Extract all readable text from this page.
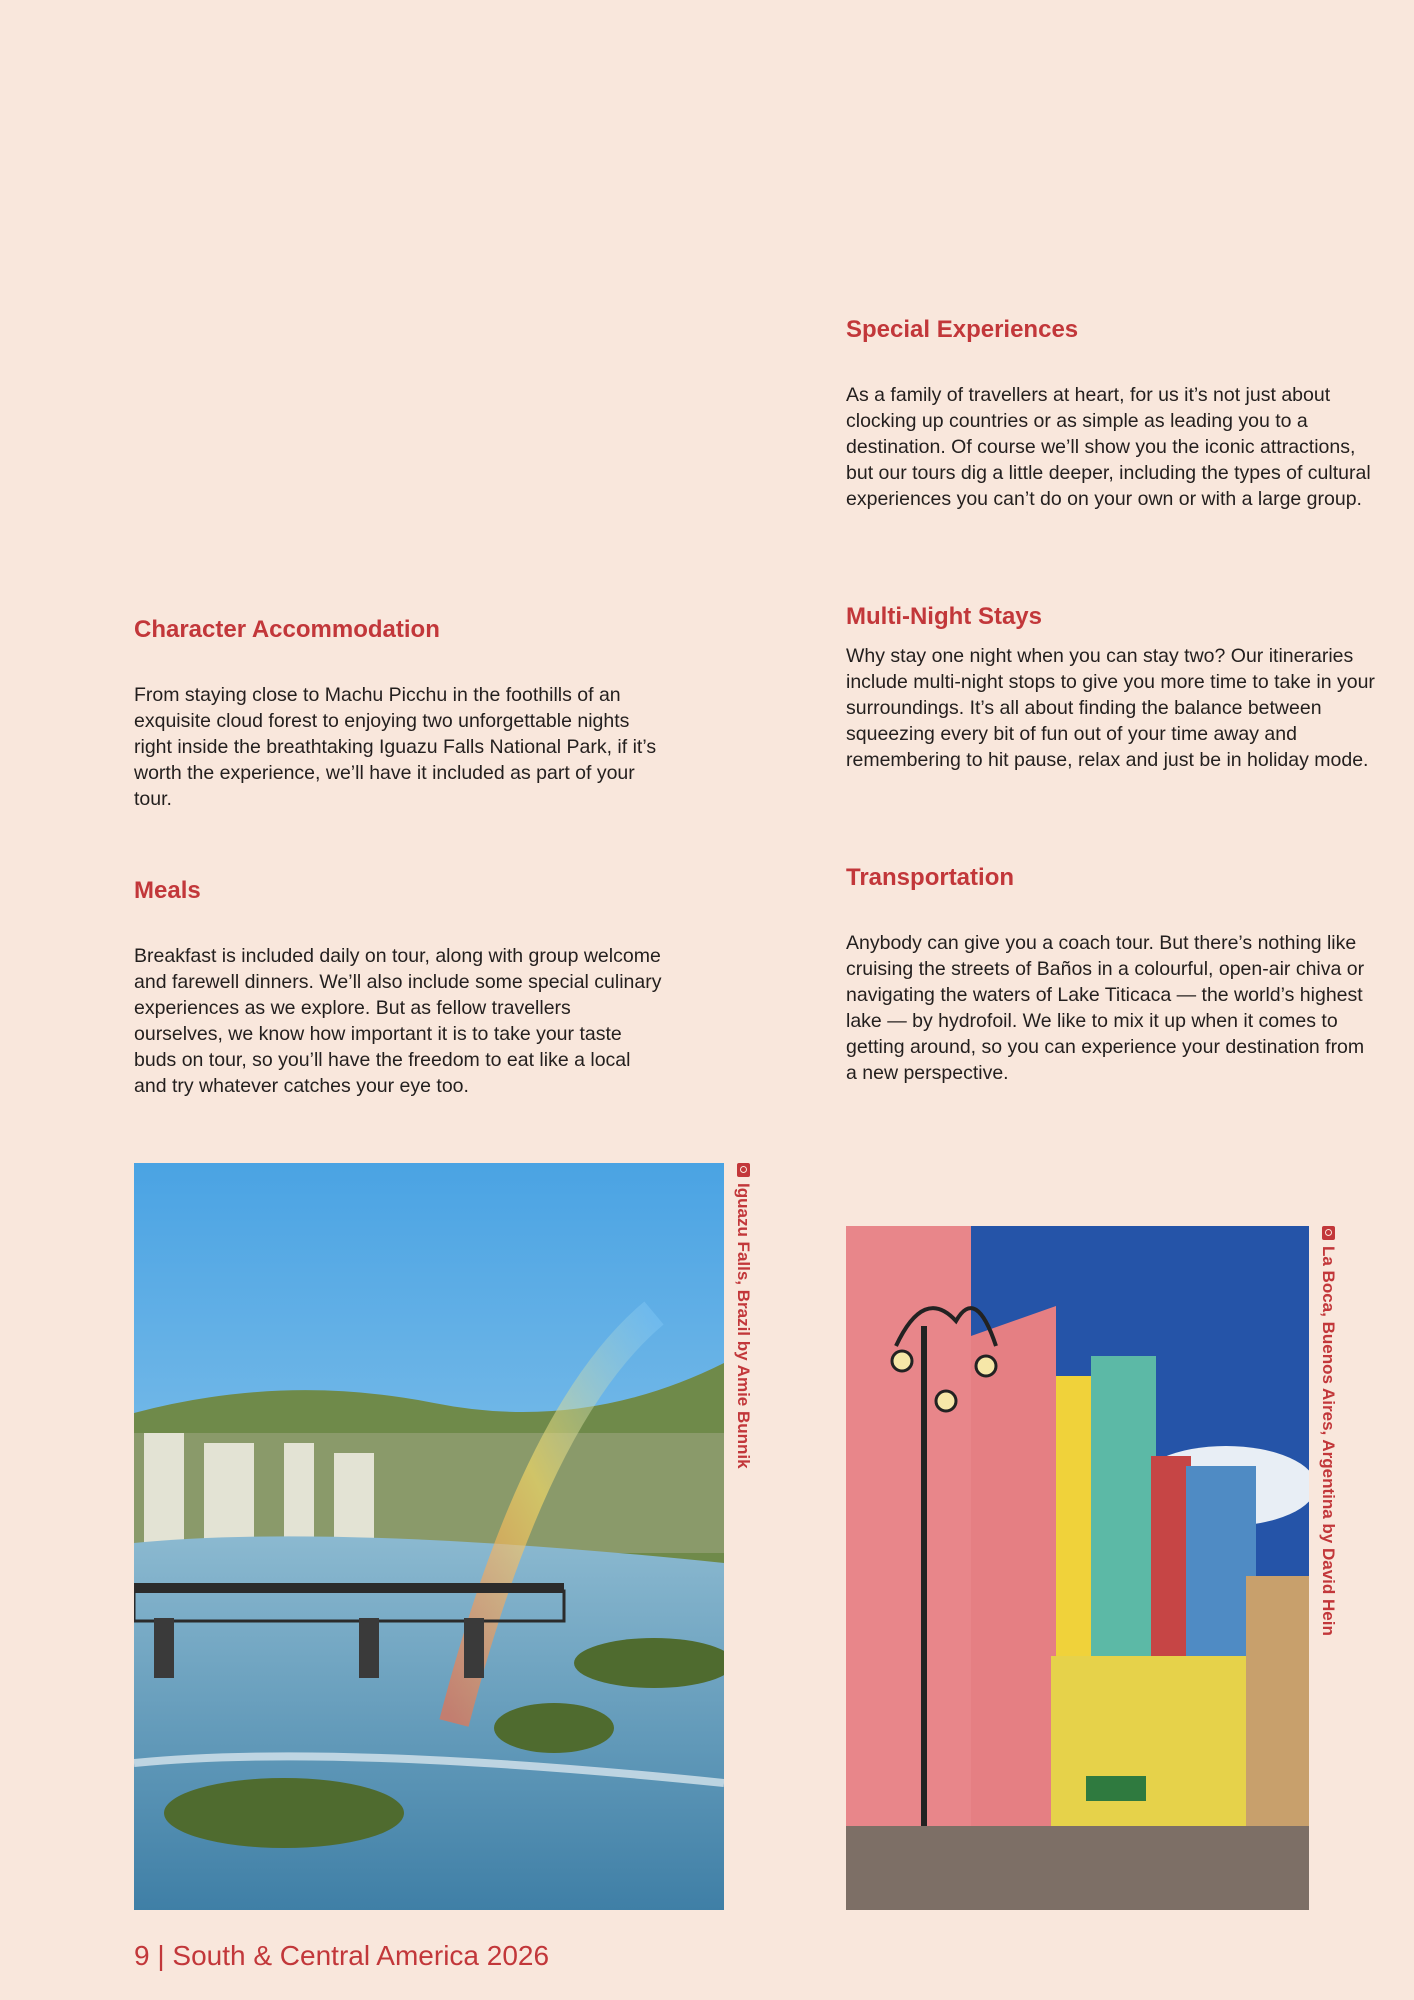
Special Experiences

As a family of travellers at heart, for us it’s not just about clocking up countries or as simple as leading you to a destination. Of course we’ll show you the iconic attractions, but our tours dig a little deeper, including the types of cultural experiences you can’t do on your own or with a large group.

Character Accommodation

From staying close to Machu Picchu in the foothills of an exquisite cloud forest to enjoying two unforgettable nights right inside the breathtaking Iguazu Falls National Park, if it’s worth the experience, we’ll have it included as part of your tour.

Multi-Night Stays

Why stay one night when you can stay two? Our itineraries include multi-night stops to give you more time to take in your surroundings. It’s all about finding the balance between squeezing every bit of fun out of your time away and remembering to hit pause, relax and just be in holiday mode.

Meals

Breakfast is included daily on tour, along with group welcome and farewell dinners. We’ll also include some special culinary experiences as we explore. But as fellow travellers ourselves, we know how important it is to take your taste buds on tour, so you’ll have the freedom to eat like a local and try whatever catches your eye too.

Transportation

Anybody can give you a coach tour. But there’s nothing like cruising the streets of Baños in a colourful, open-air chiva or navigating the waters of Lake Titicaca — the world’s highest lake — by hydrofoil. We like to mix it up when it comes to getting around, so you can experience your destination from a new perspective.

Iguazu Falls, Brazil by Amie Bunnik	La Boca, Buenos Aires, Argentina by David Hein
9 | South & Central America 2026
